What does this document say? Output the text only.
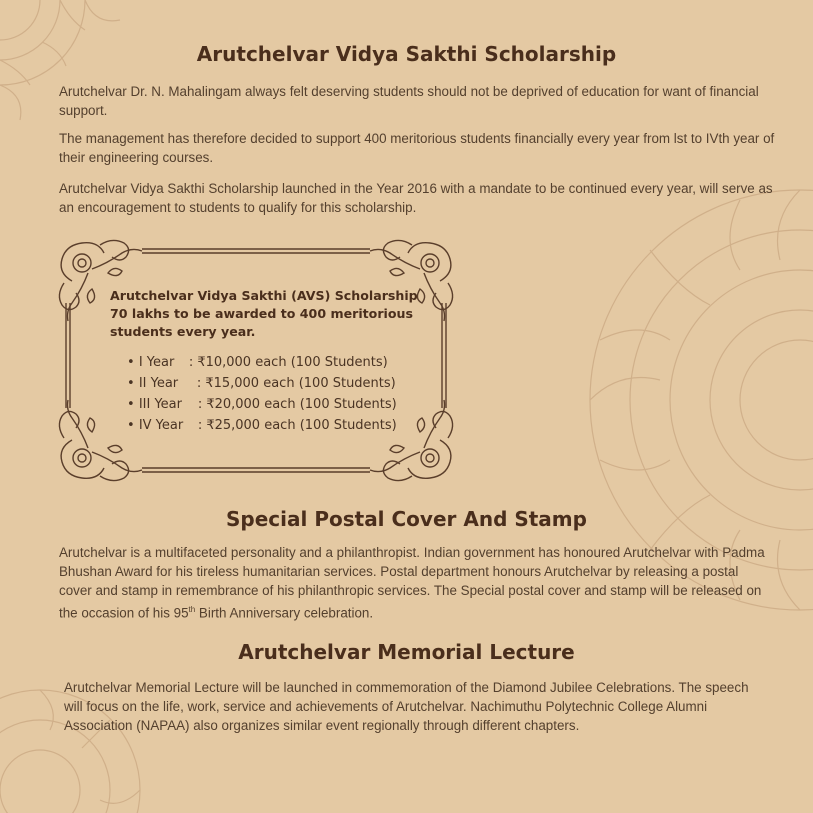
Arutchelvar Vidya Sakthi Scholarship

Arutchelvar Dr. N. Mahalingam always felt deserving students should not be deprived of education for want of financial support.

The management has therefore decided to support 400 meritorious students financially every year from lst to IVth year of their engineering courses.

Arutchelvar Vidya Sakthi Scholarship launched in the Year 2016 with a mandate to be continued every year, will serve as an encouragement to students to qualify for this scholarship.

Arutchelvar Vidya Sakthi (AVS) Scholarship
70 lakhs to be awarded to 400 meritorious
students every year.
• I Year : ₹10,000 each (100 Students)
• II Year : ₹15,000 each (100 Students)
• III Year : ₹20,000 each (100 Students)
• IV Year : ₹25,000 each (100 Students)
Special Postal Cover And Stamp

Arutchelvar is a multifaceted personality and a philanthropist. Indian government has honoured Arutchelvar with Padma Bhushan Award for his tireless humanitarian services. Postal department honours Arutchelvar by releasing a postal cover and stamp in remembrance of his philanthropic services. The Special postal cover and stamp will be released on the occasion of his 95th Birth Anniversary celebration.

Arutchelvar Memorial Lecture

Arutchelvar Memorial Lecture will be launched in commemoration of the Diamond Jubilee Celebrations. The speech will focus on the life, work, service and achievements of Arutchelvar. Nachimuthu Polytechnic College Alumni Association (NAPAA) also organizes similar event regionally through different chapters.
